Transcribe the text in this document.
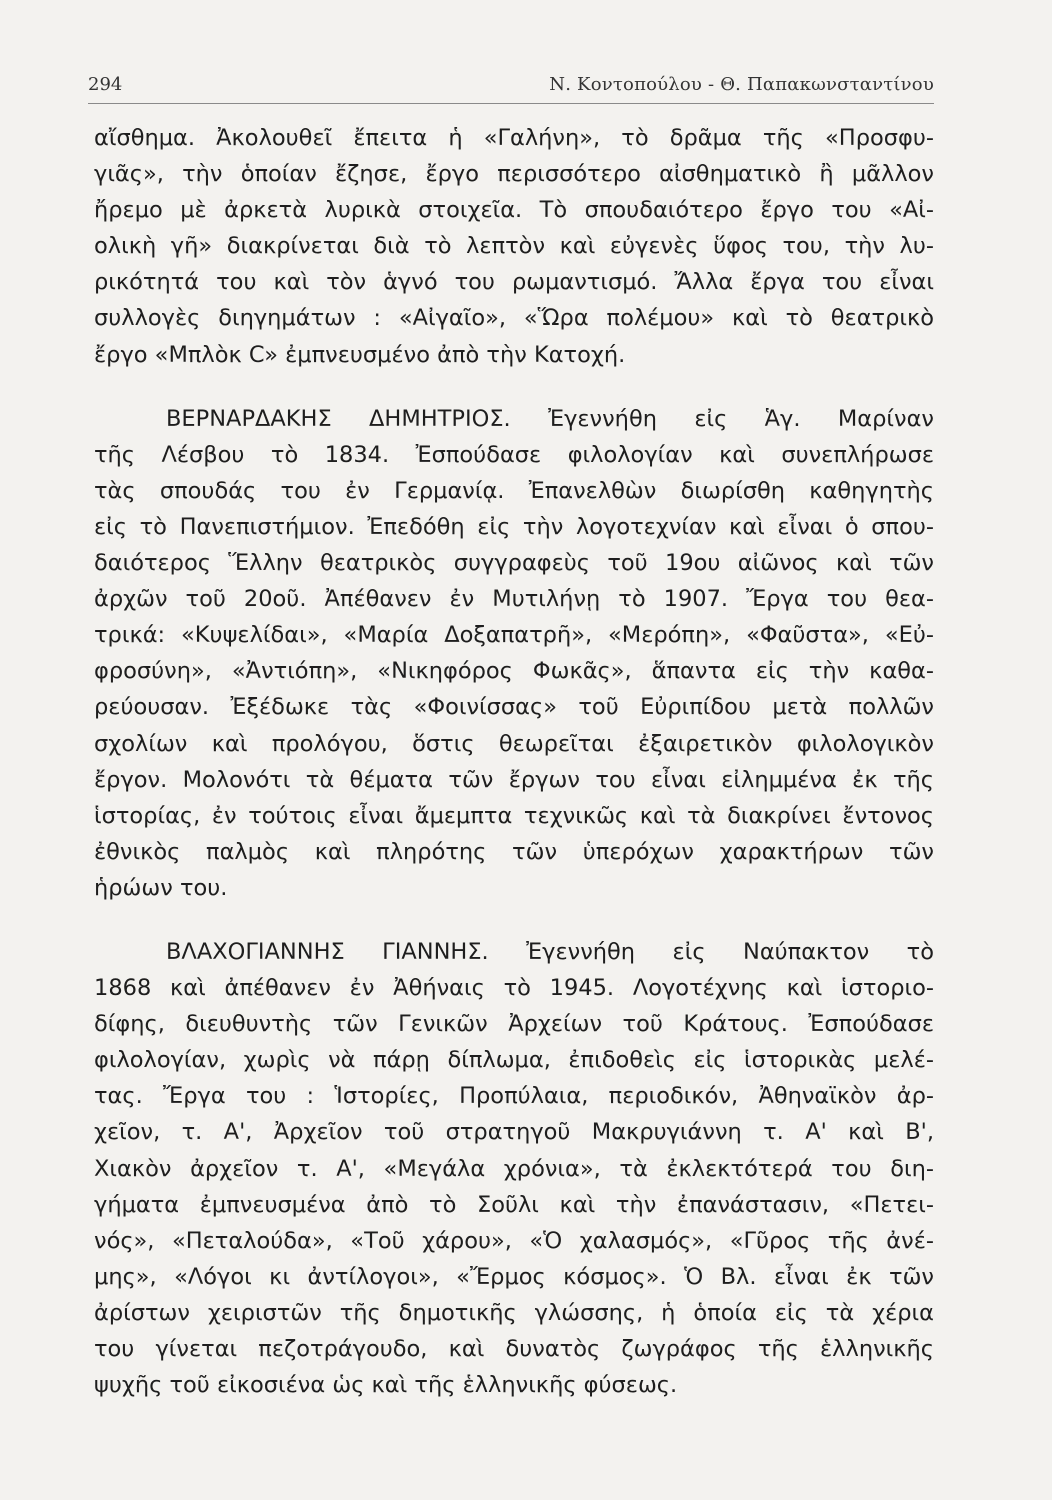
294	Ν. Κοντοπούλου - Θ. Παπακωνσταντίνου
αἴσθημα. Ἀκολουθεῖ ἔπειτα ἡ «Γαλήνη», τὸ δρᾶμα τῆς «Προσφυ-
γιᾶς», τὴν ὁποίαν ἔζησε, ἔργο περισσότερο αἰσθηματικὸ ἢ μᾶλλον
ἤρεμο μὲ ἀρκετὰ λυρικὰ στοιχεῖα. Τὸ σπουδαιότερο ἔργο του «Αἰ-
ολικὴ γῆ» διακρίνεται διὰ τὸ λεπτὸν καὶ εὐγενὲς ὕφος του, τὴν λυ-
ρικότητά του καὶ τὸν ἁγνό του ρωμαντισμό. Ἄλλα ἔργα του εἶναι
συλλογὲς διηγημάτων : «Αἰγαῖο», «Ὥρα πολέμου» καὶ τὸ θεατρικὸ
ἔργο «Μπλὸκ C» ἐμπνευσμένο ἀπὸ τὴν Κατοχή.
ΒΕΡΝΑΡΔΑΚΗΣ ΔΗΜΗΤΡΙΟΣ. Ἐγεννήθη εἰς Ἁγ. Μαρίναν
τῆς Λέσβου τὸ 1834. Ἐσπούδασε φιλολογίαν καὶ συνεπλήρωσε
τὰς σπουδάς του ἐν Γερμανίᾳ. Ἐπανελθὼν διωρίσθη καθηγητὴς
εἰς τὸ Πανεπιστήμιον. Ἐπεδόθη εἰς τὴν λογοτεχνίαν καὶ εἶναι ὁ σπου-
δαιότερος Ἕλλην θεατρικὸς συγγραφεὺς τοῦ 19ου αἰῶνος καὶ τῶν
ἀρχῶν τοῦ 20οῦ. Ἀπέθανεν ἐν Μυτιλήνῃ τὸ 1907. Ἔργα του θεα-
τρικά: «Κυψελίδαι», «Μαρία Δοξαπατρῆ», «Μερόπη», «Φαῦστα», «Εὐ-
φροσύνη», «Ἀντιόπη», «Νικηφόρος Φωκᾶς», ἅπαντα εἰς τὴν καθα-
ρεύουσαν. Ἐξέδωκε τὰς «Φοινίσσας» τοῦ Εὐριπίδου μετὰ πολλῶν
σχολίων καὶ προλόγου, ὅστις θεωρεῖται ἐξαιρετικὸν φιλολογικὸν
ἔργον. Μολονότι τὰ θέματα τῶν ἔργων του εἶναι εἰλημμένα ἐκ τῆς
ἱστορίας, ἐν τούτοις εἶναι ἄμεμπτα τεχνικῶς καὶ τὰ διακρίνει ἔντονος
ἐθνικὸς παλμὸς καὶ πληρότης τῶν ὑπερόχων χαρακτήρων τῶν
ἡρώων του.
ΒΛΑΧΟΓΙΑΝΝΗΣ ΓΙΑΝΝΗΣ. Ἐγεννήθη εἰς Ναύπακτον τὸ
1868 καὶ ἀπέθανεν ἐν Ἀθήναις τὸ 1945. Λογοτέχνης καὶ ἱστοριο-
δίφης, διευθυντὴς τῶν Γενικῶν Ἀρχείων τοῦ Κράτους. Ἐσπούδασε
φιλολογίαν, χωρὶς νὰ πάρῃ δίπλωμα, ἐπιδοθεὶς εἰς ἱστορικὰς μελέ-
τας. Ἔργα του : Ἱστορίες, Προπύλαια, περιοδικόν, Ἀθηναϊκὸν ἀρ-
χεῖον, τ. Α', Ἀρχεῖον τοῦ στρατηγοῦ Μακρυγιάννη τ. Α' καὶ Β',
Χιακὸν ἀρχεῖον τ. Α', «Μεγάλα χρόνια», τὰ ἐκλεκτότερά του διη-
γήματα ἐμπνευσμένα ἀπὸ τὸ Σοῦλι καὶ τὴν ἐπανάστασιν, «Πετει-
νός», «Πεταλούδα», «Τοῦ χάρου», «Ὁ χαλασμός», «Γῦρος τῆς ἀνέ-
μης», «Λόγοι κι ἀντίλογοι», «Ἔρμος κόσμος». Ὁ Βλ. εἶναι ἐκ τῶν
ἀρίστων χειριστῶν τῆς δημοτικῆς γλώσσης, ἡ ὁποία εἰς τὰ χέρια
του γίνεται πεζοτράγουδο, καὶ δυνατὸς ζωγράφος τῆς ἑλληνικῆς
ψυχῆς τοῦ εἰκοσιένα ὡς καὶ τῆς ἑλληνικῆς φύσεως.
